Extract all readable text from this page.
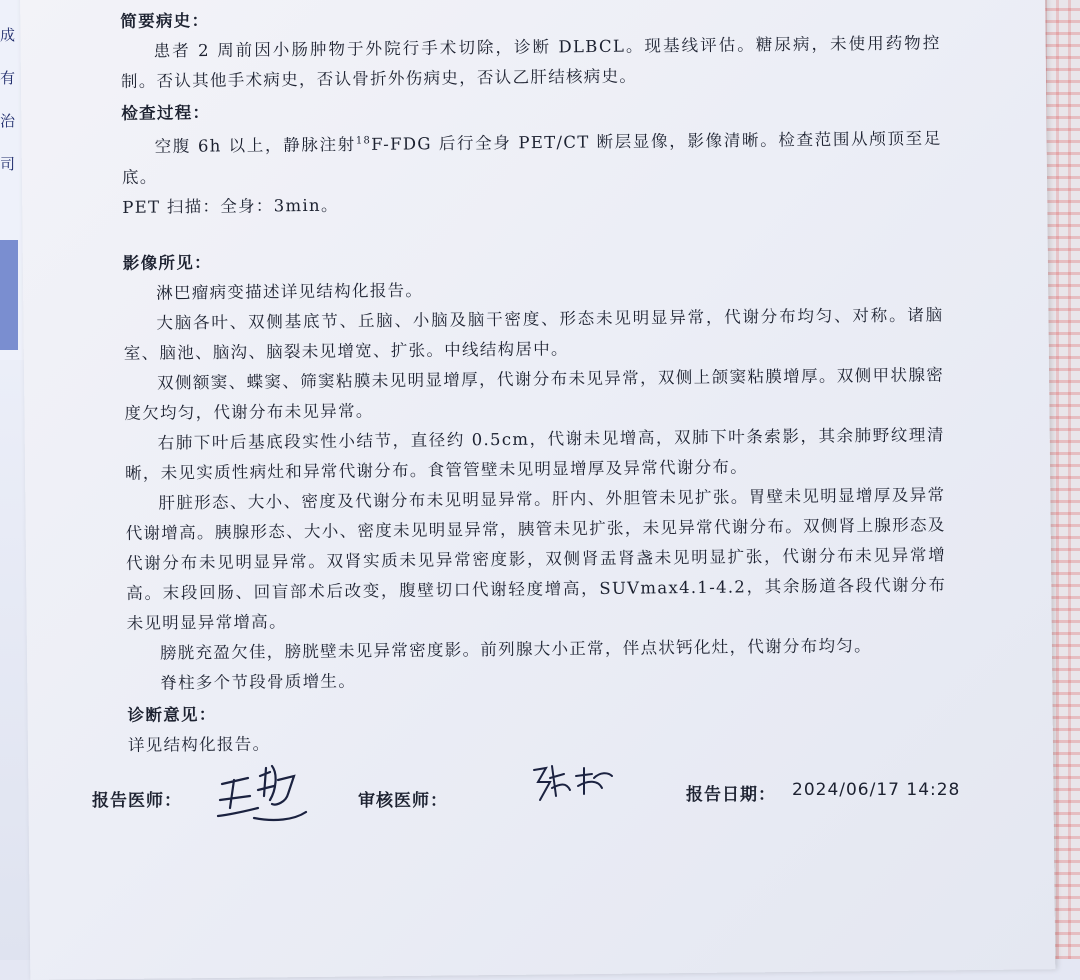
成
有
治
司

简要病史：

患者 2 周前因小肠肿物于外院行手术切除，诊断 DLBCL。现基线评估。糖尿病，未使用药物控制。否认其他手术病史，否认骨折外伤病史，否认乙肝结核病史。

检查过程：

空腹 6h 以上，静脉注射$^{18}$F-FDG 后行全身 PET/CT 断层显像，影像清晰。检查范围从颅顶至足底。

PET 扫描：全身：3min。

影像所见：

淋巴瘤病变描述详见结构化报告。

大脑各叶、双侧基底节、丘脑、小脑及脑干密度、形态未见明显异常，代谢分布均匀、对称。诸脑室、脑池、脑沟、脑裂未见增宽、扩张。中线结构居中。

双侧额窦、蝶窦、筛窦粘膜未见明显增厚，代谢分布未见异常，双侧上颌窦粘膜增厚。双侧甲状腺密度欠均匀，代谢分布未见异常。

右肺下叶后基底段实性小结节，直径约 0.5cm，代谢未见增高，双肺下叶条索影，其余肺野纹理清晰，未见实质性病灶和异常代谢分布。食管管壁未见明显增厚及异常代谢分布。

肝脏形态、大小、密度及代谢分布未见明显异常。肝内、外胆管未见扩张。胃壁未见明显增厚及异常代谢增高。胰腺形态、大小、密度未见明显异常，胰管未见扩张，未见异常代谢分布。双侧肾上腺形态及代谢分布未见明显异常。双肾实质未见异常密度影，双侧肾盂肾盏未见明显扩张，代谢分布未见异常增高。末段回肠、回盲部术后改变，腹壁切口代谢轻度增高，SUVmax4.1-4.2，其余肠道各段代谢分布未见明显异常增高。

膀胱充盈欠佳，膀胱壁未见异常密度影。前列腺大小正常，伴点状钙化灶，代谢分布均匀。

脊柱多个节段骨质增生。

诊断意见：

详见结构化报告。

报告医师：	审核医师：	报告日期： 2024/06/17 14:28
